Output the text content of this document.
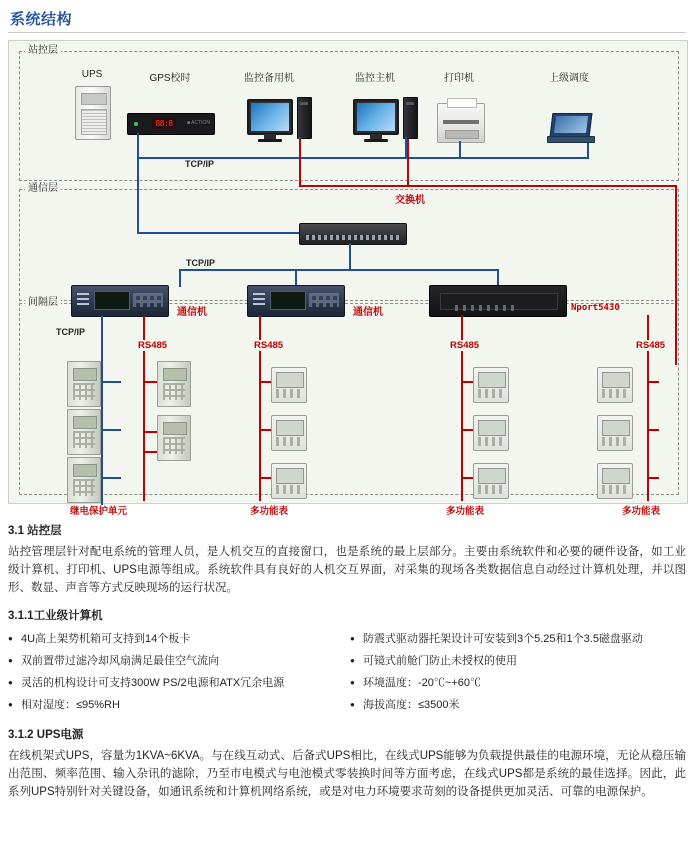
系统结构
站控层
通信层
间隔层
UPS	GPS校时
88:8	■ ACTION
监控备用机	监控主机	打印机	上级调度
TCP/IP
交换机
TCP/IP
通信机	通信机	Nport5430
TCP/IP
RS485	RS485	RS485	RS485
继电保护单元	多功能表	多功能表	多功能表
3.1 站控层

站控管理层针对配电系统的管理人员，是人机交互的直接窗口，也是系统的最上层部分。主要由系统软件和必要的硬件设备，如工业级计算机、打印机、UPS电源等组成。系统软件具有良好的人机交互界面，对采集的现场各类数据信息自动经过计算机处理，并以图形、数显、声音等方式反映现场的运行状况。

3.1.1工业级计算机
● 4U高上架势机箱可支持到14个板卡
● 双前置带过滤冷却风扇满足最佳空气流向
● 灵活的机构设计可支持300W PS/2电源和ATX冗余电源
● 相对湿度：≤95%RH
● 防震式驱动器托架设计可安装到3个5.25和1个3.5磁盘驱动
● 可镜式前舱门防止未授权的使用
● 环境温度：-20℃~+60℃
● 海拔高度：≤3500米
3.1.2 UPS电源

在线机架式UPS，容量为1KVA~6KVA。与在线互动式、后备式UPS相比，在线式UPS能够为负载提供最佳的电源环境，无论从稳压输出范围、频率范围、输入杂讯的滤除，乃至市电模式与电池模式零装换时间等方面考虑，在线式UPS都是系统的最佳选择。因此，此系列UPS特别针对关键设备，如通讯系统和计算机网络系统，或是对电力环境要求苛刻的设备提供更加灵活、可靠的电源保护。
